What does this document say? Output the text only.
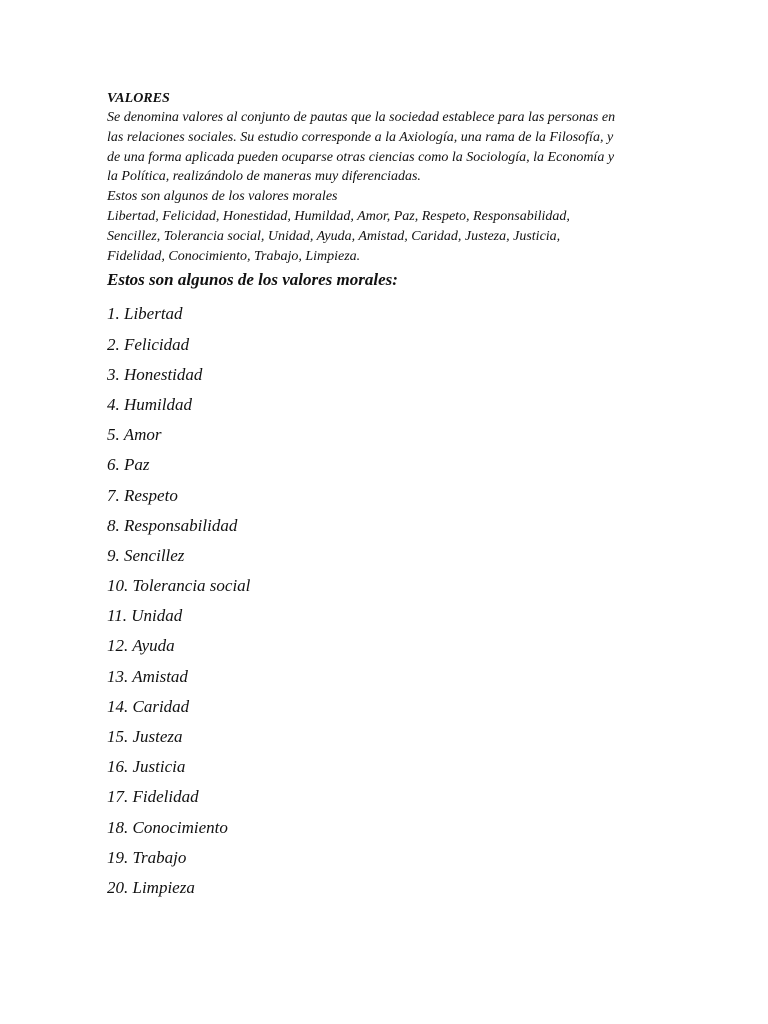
VALORES
Se denomina valores al conjunto de pautas que la sociedad establece para las personas en
las relaciones sociales. Su estudio corresponde a la Axiología, una rama de la Filosofía, y
de una forma aplicada pueden ocuparse otras ciencias como la Sociología, la Economía y
la Política, realizándolo de maneras muy diferenciadas.
Estos son algunos de los valores morales
Libertad, Felicidad, Honestidad, Humildad, Amor, Paz, Respeto, Responsabilidad,
Sencillez, Tolerancia social, Unidad, Ayuda, Amistad, Caridad, Justeza, Justicia,
Fidelidad, Conocimiento, Trabajo, Limpieza.
Estos son algunos de los valores morales:
1. Libertad
2. Felicidad
3. Honestidad
4. Humildad
5. Amor
6. Paz
7. Respeto
8. Responsabilidad
9. Sencillez
10. Tolerancia social
11. Unidad
12. Ayuda
13. Amistad
14. Caridad
15. Justeza
16. Justicia
17. Fidelidad
18. Conocimiento
19. Trabajo
20. Limpieza
